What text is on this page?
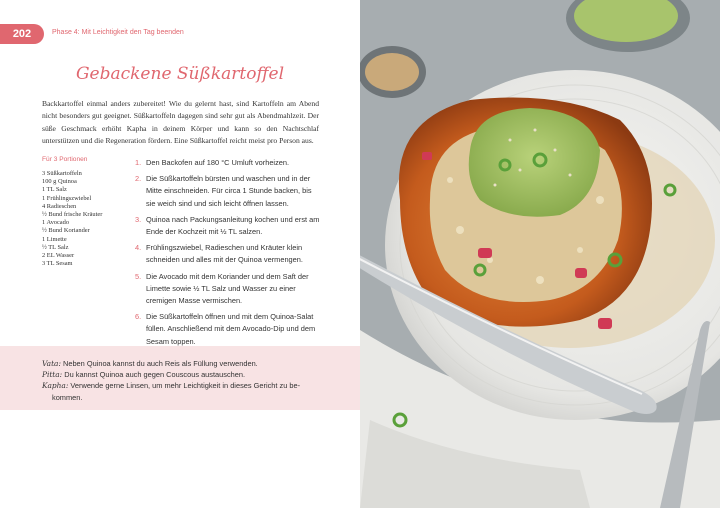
202	Phase 4: Mit Leichtigkeit den Tag beenden
Gebackene Süßkartoffel

Backkartoffel einmal anders zubereitet! Wie du gelernt hast, sind Kartoffeln am Abend nicht besonders gut geeignet. Süßkartoffeln dagegen sind sehr gut als Abendmahlzeit. Der süße Geschmack erhöht Kapha in deinem Körper und kann so den Nachtschlaf unterstützen und die Regeneration fördern. Eine Süßkartoffel reicht meist pro Person aus.

Für 3 Portionen
3 Süßkartoffeln
100 g Quinoa
1 TL Salz
1 Frühlingszwiebel
4 Radieschen
½ Bund frische Kräuter
1 Avocado
½ Bund Koriander
1 Limette
½ TL Salz
2 EL Wasser
3 TL Sesam
1. Den Backofen auf 180 °C Umluft vorheizen.
2. Die Süßkartoffeln bürsten und waschen und in der Mitte einschneiden. Für circa 1 Stunde backen, bis sie weich sind und sich leicht öffnen lassen.
3. Quinoa nach Packungsanleitung kochen und erst am Ende der Kochzeit mit ½ TL salzen.
4. Frühlingszwiebel, Radieschen und Kräuter klein schneiden und alles mit der Quinoa vermengen.
5. Die Avocado mit dem Koriander und dem Saft der Limette sowie ½ TL Salz und Wasser zu einer cremigen Masse vermischen.
6. Die Süßkartoffeln öffnen und mit dem Quinoa-Salat füllen. Anschließend mit dem Avocado-Dip und dem Sesam toppen.
Vata: Neben Quinoa kannst du auch Reis als Füllung verwenden.
Pitta: Du kannst Quinoa auch gegen Couscous austauschen.
Kapha: Verwende gerne Linsen, um mehr Leichtigkeit in dieses Gericht zu be-
kommen.
